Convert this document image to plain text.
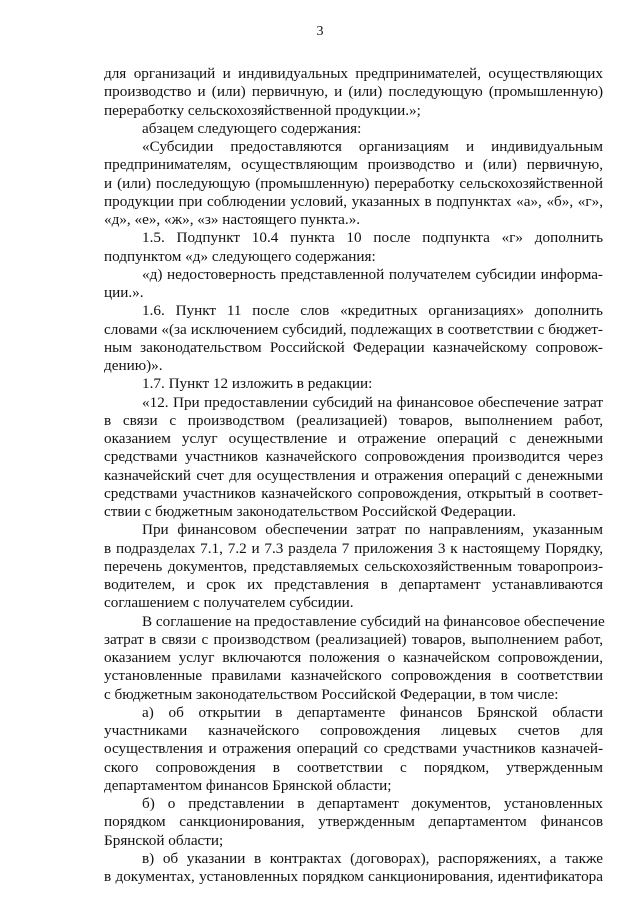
3
для организаций и индивидуальных предпринимателей, осуществляющих
производство и (или) первичную, и (или) последующую (промышленную)
переработку сельскохозяйственной продукции.»;
абзацем следующего содержания:
«Субсидии предоставляются организациям и индивидуальным
предпринимателям, осуществляющим производство и (или) первичную,
и (или) последующую (промышленную) переработку сельскохозяйственной
продукции при соблюдении условий, указанных в подпунктах «а», «б», «г»,
«д», «е», «ж», «з» настоящего пункта.».
1.5. Подпункт 10.4 пункта 10 после подпункта «г» дополнить
подпунктом «д» следующего содержания:
«д) недостоверность представленной получателем субсидии информа-
ции.».
1.6. Пункт 11 после слов «кредитных организациях» дополнить
словами «(за исключением субсидий, подлежащих в соответствии с бюджет-
ным законодательством Российской Федерации казначейскому сопровож-
дению)».
1.7. Пункт 12 изложить в редакции:
«12. При предоставлении субсидий на финансовое обеспечение затрат
в связи с производством (реализацией) товаров, выполнением работ,
оказанием услуг осуществление и отражение операций с денежными
средствами участников казначейского сопровождения производится через
казначейский счет для осуществления и отражения операций с денежными
средствами участников казначейского сопровождения, открытый в соответ-
ствии с бюджетным законодательством Российской Федерации.
При финансовом обеспечении затрат по направлениям, указанным
в подразделах 7.1, 7.2 и 7.3 раздела 7 приложения 3 к настоящему Порядку,
перечень документов, представляемых сельскохозяйственным товаропроиз-
водителем, и срок их представления в департамент устанавливаются
соглашением с получателем субсидии.
В соглашение на предоставление субсидий на финансовое обеспечение
затрат в связи с производством (реализацией) товаров, выполнением работ,
оказанием услуг включаются положения о казначейском сопровождении,
установленные правилами казначейского сопровождения в соответствии
с бюджетным законодательством Российской Федерации, в том числе:
а) об открытии в департаменте финансов Брянской области
участниками казначейского сопровождения лицевых счетов для
осуществления и отражения операций со средствами участников казначей-
ского сопровождения в соответствии с порядком, утвержденным
департаментом финансов Брянской области;
б) о представлении в департамент документов, установленных
порядком санкционирования, утвержденным департаментом финансов
Брянской области;
в) об указании в контрактах (договорах), распоряжениях, а также
в документах, установленных порядком санкционирования, идентификатора
